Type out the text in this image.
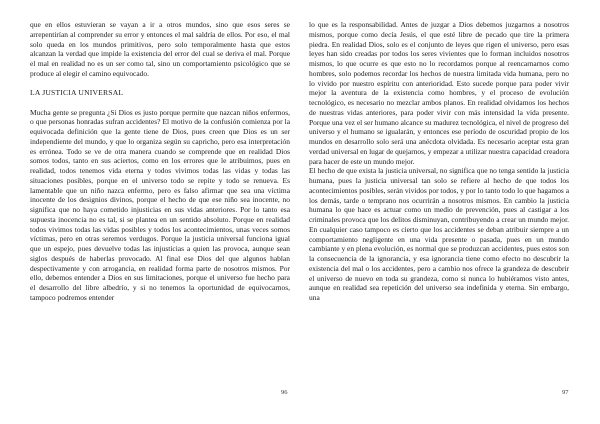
que en ellos estuvieran se vayan a ir a otros mundos, sino que esos seres se arrepentirían al comprender su error y entonces el mal saldría de ellos. Por eso, el mal solo queda en los mundos primitivos, pero solo temporalmente hasta que estos alcanzan la verdad que impide la existencia del error del cual se deriva el mal. Porque el mal en realidad no es un ser como tal, sino un comportamiento psicológico que se produce al elegir el camino equivocado.

LA JUSTICIA UNIVERSAL

Mucha gente se pregunta ¿Si Dios es justo porque permite que nazcan niños enfermos, o que personas honradas sufran accidentes? El motivo de la confusión comienza por la equivocada definición que la gente tiene de Dios, pues creen que Dios es un ser independiente del mundo, y que lo organiza según su capricho, pero esa interpretación es errónea. Todo se ve de otra manera cuando se comprende que en realidad Dios somos todos, tanto en sus aciertos, como en los errores que le atribuimos, pues en realidad, todos tenemos vida eterna y todos vivimos todas las vidas y todas las situaciones posibles, porque en el universo todo se repite y todo se renueva. Es lamentable que un niño nazca enfermo, pero es falso afirmar que sea una víctima inocente de los designios divinos, porque el hecho de que ese niño sea inocente, no significa que no haya cometido injusticias en sus vidas anteriores. Por lo tanto esa supuesta inocencia no es tal, si se plantea en un sentido absoluto. Porque en realidad todos vivimos todas las vidas posibles y todos los acontecimientos, unas veces somos víctimas, pero en otras seremos verdugos. Porque la justicia universal funciona igual que un espejo, pues devuelve todas las injusticias a quien las provoca, aunque sean siglos después de haberlas provocado. Al final ese Dios del que algunos hablan despectivamente y con arrogancia, en realidad forma parte de nosotros mismos. Por ello, debemos entender a Dios en sus limitaciones, porque el universo fue hecho para el desarrollo del libre albedrío, y si no tenemos la oportunidad de equivocarnos, tampoco podremos entender

lo que es la responsabilidad. Antes de juzgar a Dios debemos juzgarnos a nosotros mismos, porque como decía Jesús, el que esté libre de pecado que tire la primera piedra. En realidad Dios, solo es el conjunto de leyes que rigen el universo, pero esas leyes han sido creadas por todos los seres vivientes que lo forman incluidos nosotros mismos, lo que ocurre es que esto no lo recordamos porque al reencarnarnos como hombres, solo podemos recordar los hechos de nuestra limitada vida humana, pero no lo vivido por nuestro espíritu con anterioridad. Esto sucede porque para poder vivir mejor la aventura de la existencia como hombres, y el proceso de evolución tecnológico, es necesario no mezclar ambos planos. En realidad olvidamos los hechos de nuestras vidas anteriores, para poder vivir con más intensidad la vida presente. Porque una vez el ser humano alcance su madurez tecnológica, el nivel de progreso del universo y el humano se igualarán, y entonces ese período de oscuridad propio de los mundos en desarrollo solo será una anécdota olvidada. Es necesario aceptar esta gran verdad universal en lugar de quejarnos, y empezar a utilizar nuestra capacidad creadora para hacer de este un mundo mejor.

El hecho de que exista la justicia universal, no significa que no tenga sentido la justicia humana, pues la justicia universal tan solo se refiere al hecho de que todos los acontecimientos posibles, serán vividos por todos, y por lo tanto todo lo que hagamos a los demás, tarde o temprano nos ocurrirán a nosotros mismos. En cambio la justicia humana lo que hace es actuar como un medio de prevención, pues al castigar a los criminales provoca que los delitos disminuyan, contribuyendo a crear un mundo mejor. En cualquier caso tampoco es cierto que los accidentes se deban atribuir siempre a un comportamiento negligente en una vida presente o pasada, pues en un mundo cambiante y en plena evolución, es normal que se produzcan accidentes, pues estos son la consecuencia de la ignorancia, y esa ignorancia tiene como efecto no descubrir la existencia del mal o los accidentes, pero a cambio nos ofrece la grandeza de descubrir el universo de nuevo en toda su grandeza, como si nunca lo hubiéramos visto antes, aunque en realidad sea repetición del universo sea indefinida y eterna. Sin embargo, una

96	97
